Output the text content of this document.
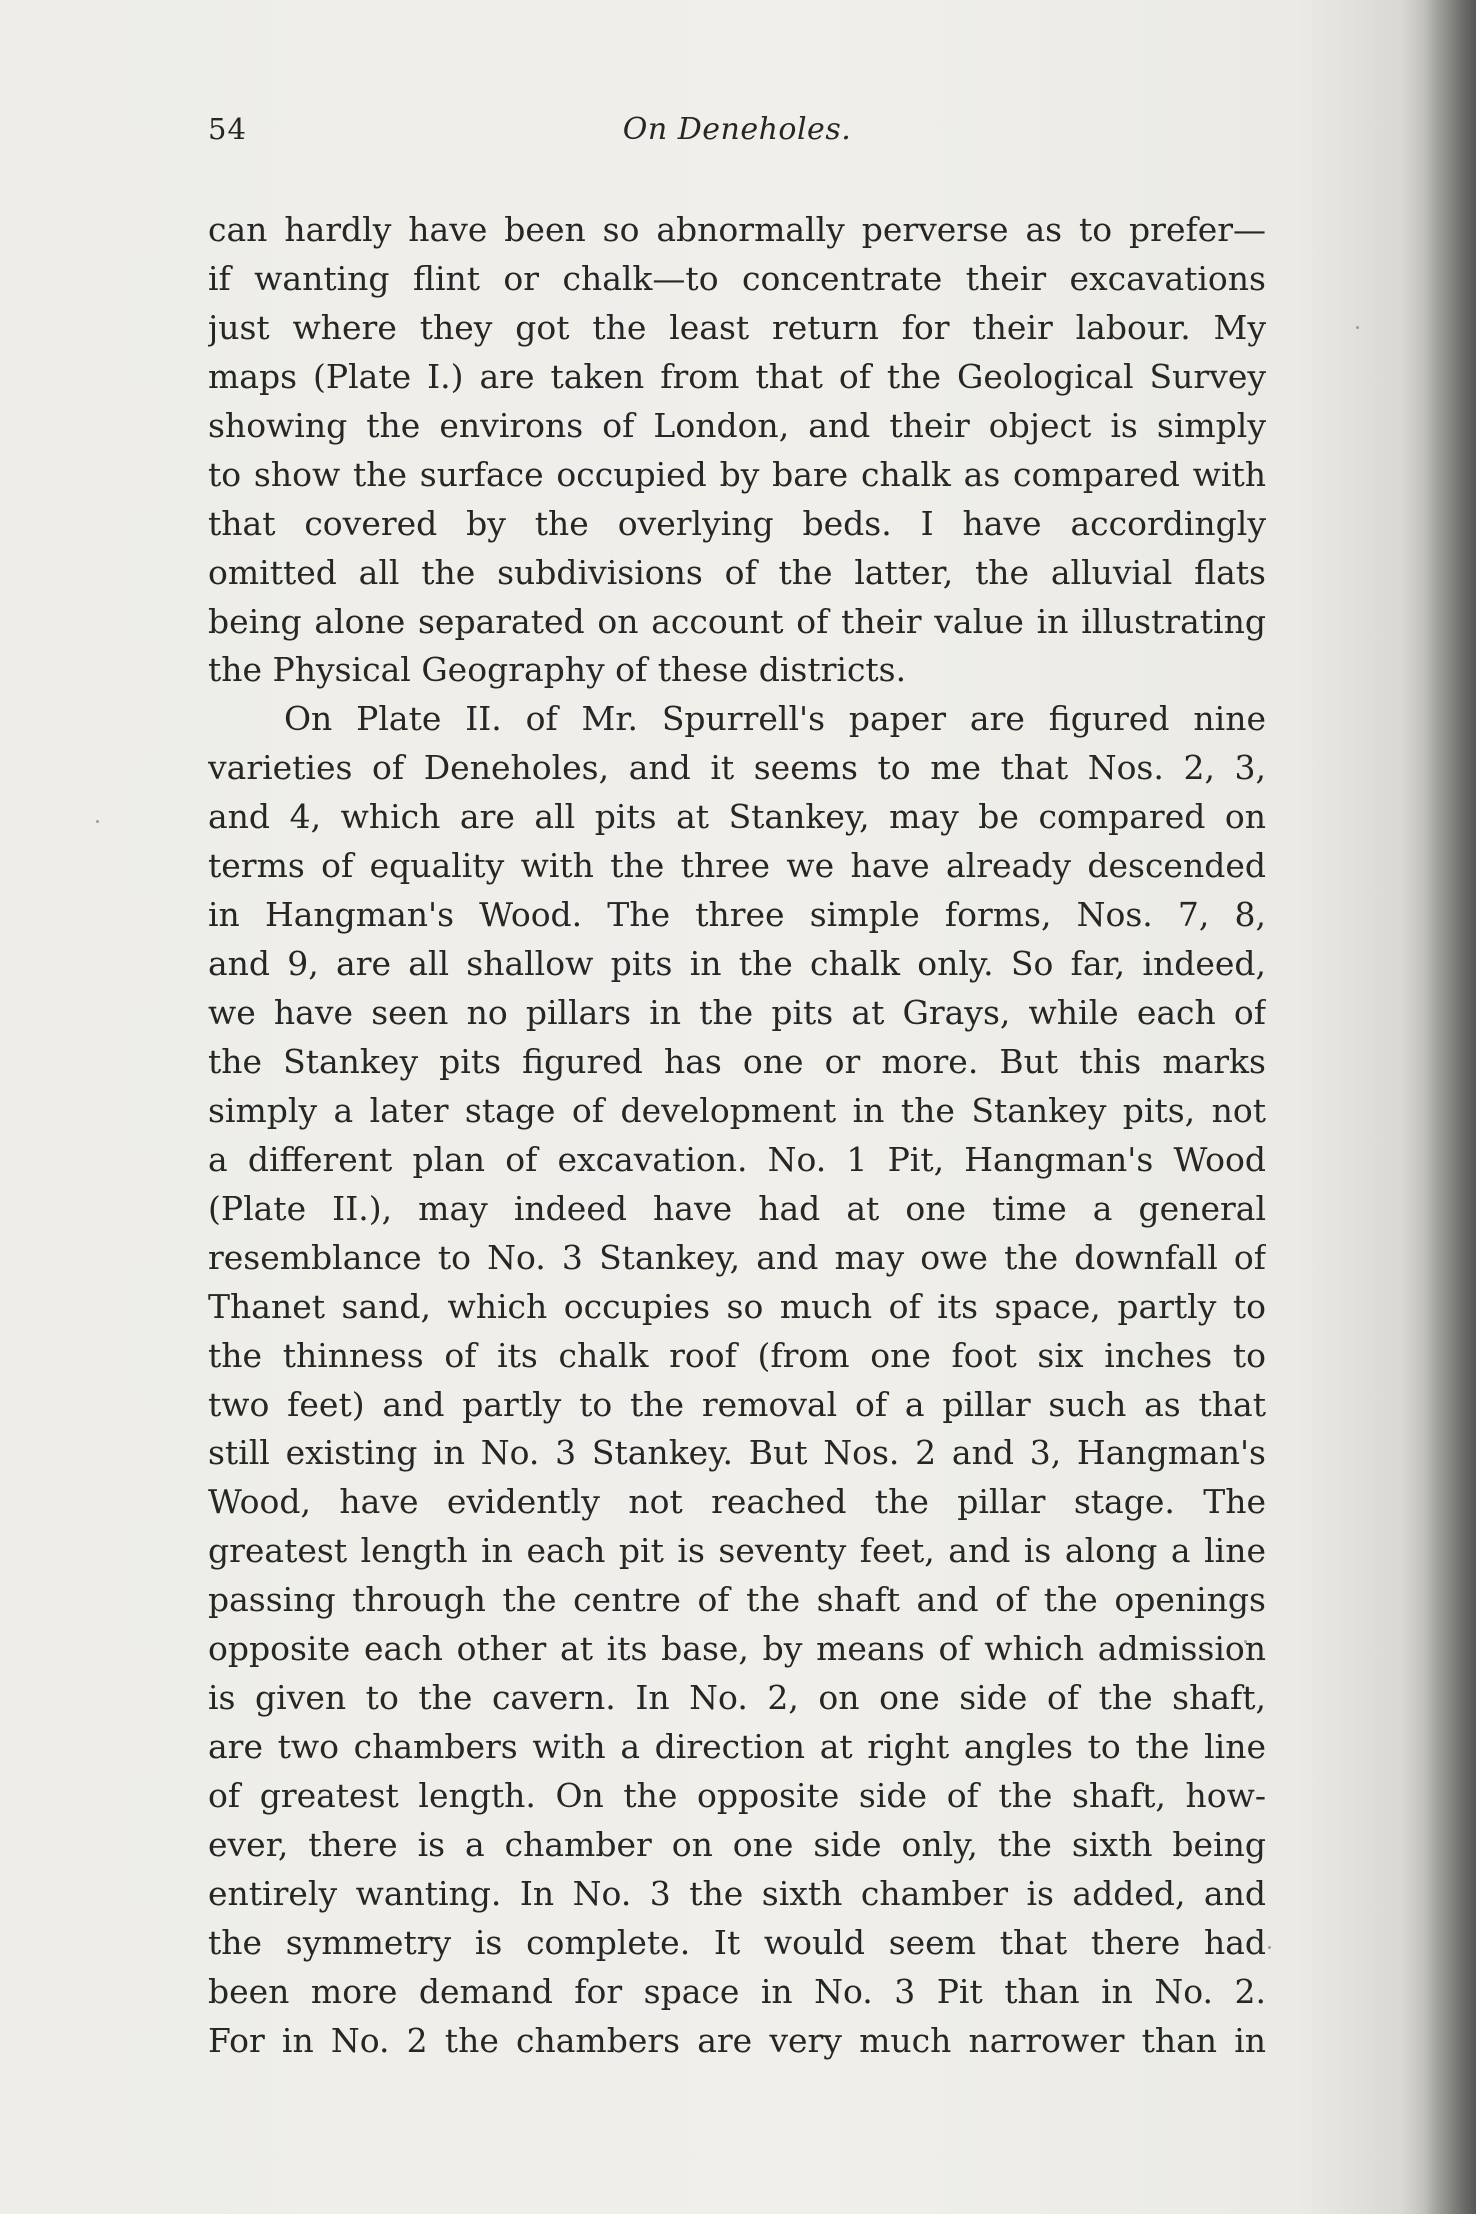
54	On Deneholes.
can hardly have been so abnormally perverse as to prefer—
if wanting flint or chalk—to concentrate their excavations
just where they got the least return for their labour. My
maps (Plate I.) are taken from that of the Geological Survey
showing the environs of London, and their object is simply
to show the surface occupied by bare chalk as compared with
that covered by the overlying beds. I have accordingly
omitted all the subdivisions of the latter, the alluvial flats
being alone separated on account of their value in illustrating
the Physical Geography of these districts.
On Plate II. of Mr. Spurrell's paper are figured nine
varieties of Deneholes, and it seems to me that Nos. 2, 3,
and 4, which are all pits at Stankey, may be compared on
terms of equality with the three we have already descended
in Hangman's Wood. The three simple forms, Nos. 7, 8,
and 9, are all shallow pits in the chalk only. So far, indeed,
we have seen no pillars in the pits at Grays, while each of
the Stankey pits figured has one or more. But this marks
simply a later stage of development in the Stankey pits, not
a different plan of excavation. No. 1 Pit, Hangman's Wood
(Plate II.), may indeed have had at one time a general
resemblance to No. 3 Stankey, and may owe the downfall of
Thanet sand, which occupies so much of its space, partly to
the thinness of its chalk roof (from one foot six inches to
two feet) and partly to the removal of a pillar such as that
still existing in No. 3 Stankey. But Nos. 2 and 3, Hangman's
Wood, have evidently not reached the pillar stage. The
greatest length in each pit is seventy feet, and is along a line
passing through the centre of the shaft and of the openings
opposite each other at its base, by means of which admission
is given to the cavern. In No. 2, on one side of the shaft,
are two chambers with a direction at right angles to the line
of greatest length. On the opposite side of the shaft, how-
ever, there is a chamber on one side only, the sixth being
entirely wanting. In No. 3 the sixth chamber is added, and
the symmetry is complete. It would seem that there had
been more demand for space in No. 3 Pit than in No. 2.
For in No. 2 the chambers are very much narrower than in
